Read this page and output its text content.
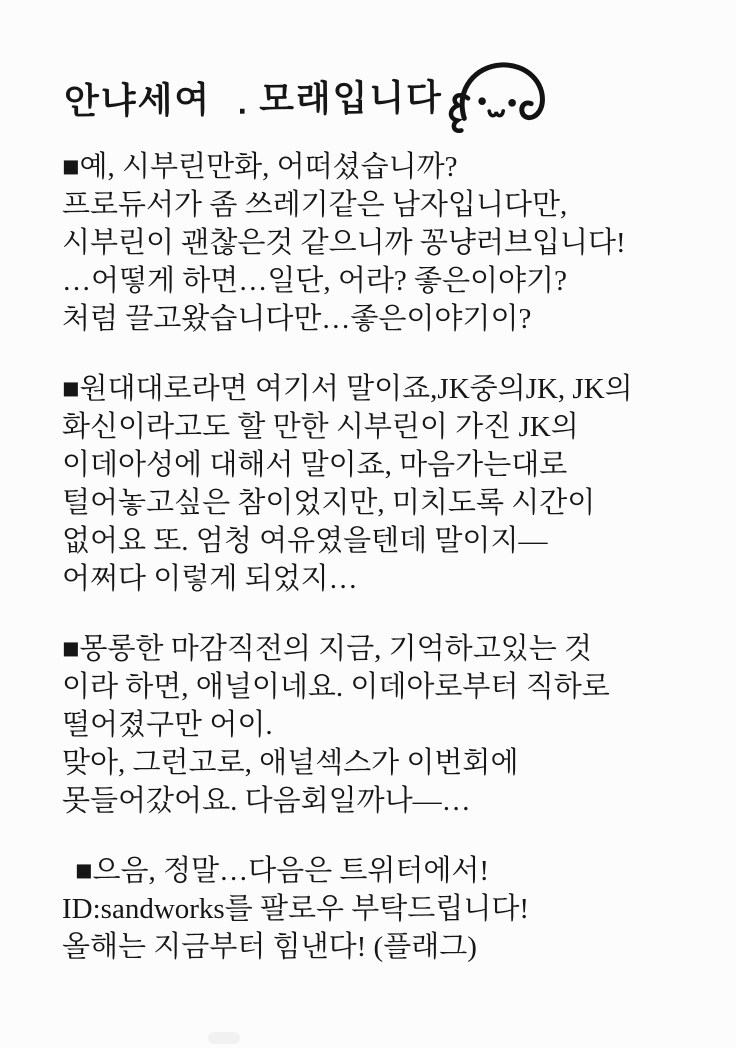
안냐세여 . 모래입니다

■예, 시부린만화, 어떠셨습니까?
프로듀서가 좀 쓰레기같은 남자입니다만,
시부린이 괜찮은것 같으니까 꽁냥러브입니다!
…어떻게 하면…일단, 어라? 좋은이야기?
처럼 끌고왔습니다만…좋은이야기이?

■원대대로라면 여기서 말이죠,JK중의JK, JK의
화신이라고도 할 만한 시부린이 가진 JK의
이데아성에 대해서 말이죠, 마음가는대로
털어놓고싶은 참이었지만, 미치도록 시간이
없어요 또. 엄청 여유였을텐데 말이지—
어쩌다 이렇게 되었지…

■몽롱한 마감직전의 지금, 기억하고있는 것
이라 하면, 애널이네요. 이데아로부터 직하로
떨어졌구만 어이.
맞아, 그런고로, 애널섹스가 이번회에
못들어갔어요. 다음회일까나—…

■으음, 정말…다음은 트위터에서!
ID:sandworks를 팔로우 부탁드립니다!
올해는 지금부터 힘낸다! (플래그)
